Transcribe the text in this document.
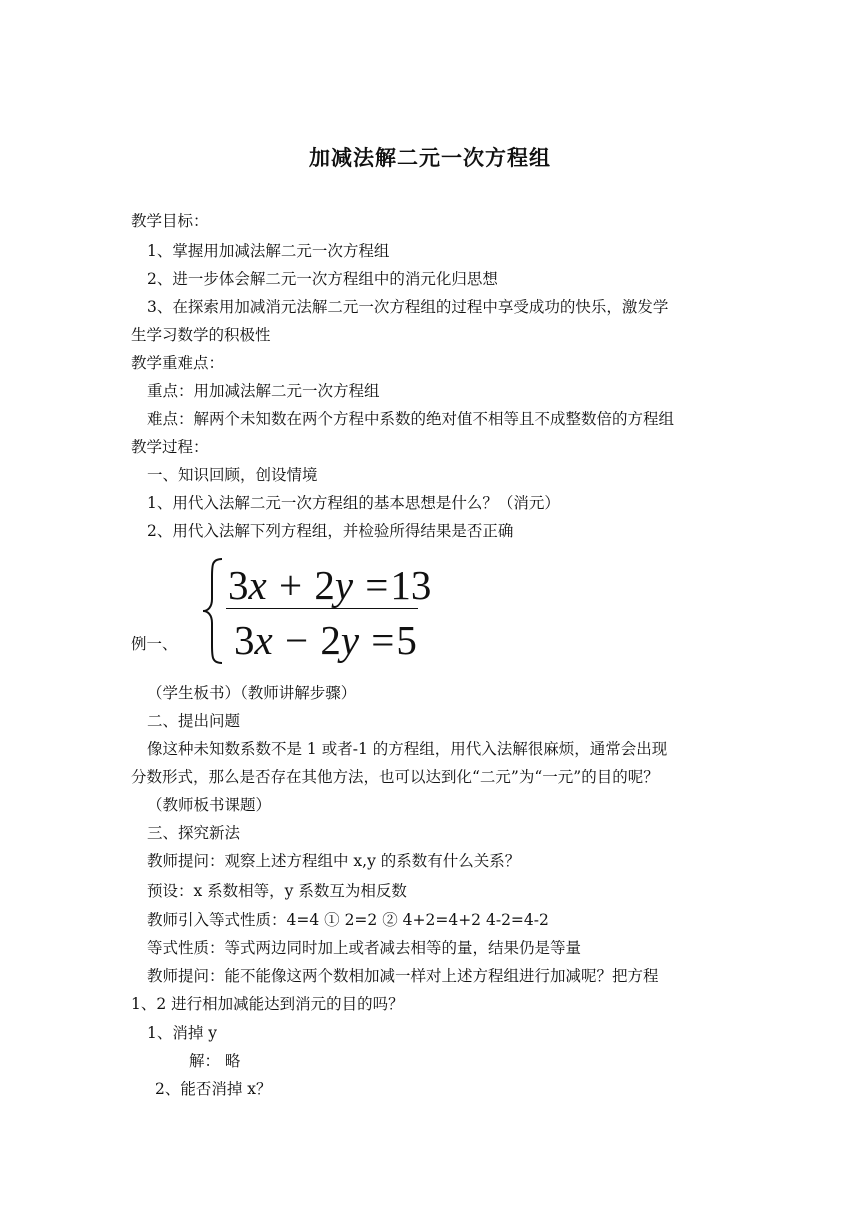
加减法解二元一次方程组
教学目标：
1、掌握用加减法解二元一次方程组
2、进一步体会解二元一次方程组中的消元化归思想
3、在探索用加减消元法解二元一次方程组的过程中享受成功的快乐，激发学
生学习数学的积极性
教学重难点：
重点：用加减法解二元一次方程组
难点：解两个未知数在两个方程中系数的绝对值不相等且不成整数倍的方程组
教学过程：
一、知识回顾，创设情境
1、用代入法解二元一次方程组的基本思想是什么？（消元）
2、用代入法解下列方程组，并检验所得结果是否正确
例一、
3x + 2y =13
3x − 2y =5
（学生板书）（教师讲解步骤）
二、提出问题
像这种未知数系数不是 1 或者-1 的方程组，用代入法解很麻烦，通常会出现
分数形式，那么是否存在其他方法，也可以达到化“二元”为“一元”的目的呢？
（教师板书课题）
三、探究新法
教师提问：观察上述方程组中 x,y 的系数有什么关系？
预设：x 系数相等，y 系数互为相反数
教师引入等式性质：4=4 ① 2=2 ② 4+2=4+2 4-2=4-2
等式性质：等式两边同时加上或者减去相等的量，结果仍是等量
教师提问：能不能像这两个数相加减一样对上述方程组进行加减呢？把方程
1、2 进行相加减能达到消元的目的吗？
1、消掉 y
解： 略
2、能否消掉 x？
